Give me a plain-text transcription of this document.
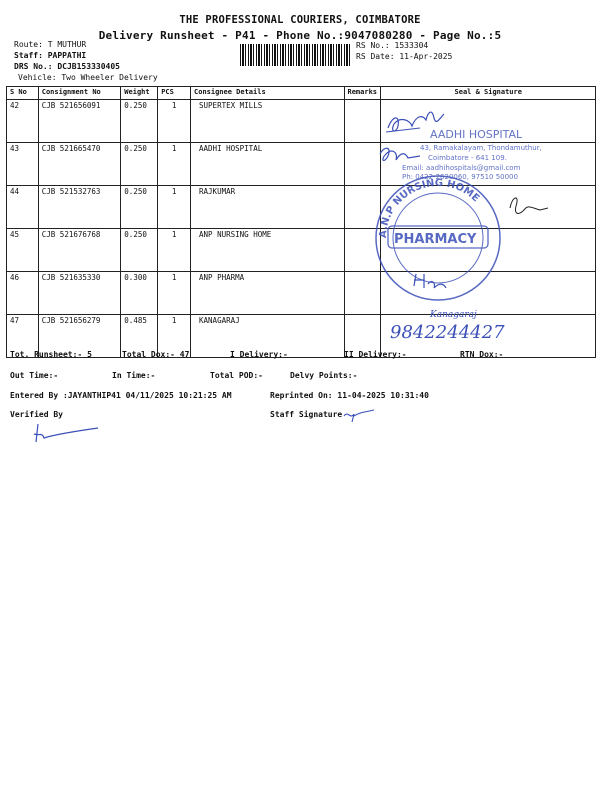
THE PROFESSIONAL COURIERS, COIMBATORE
Delivery Runsheet - P41 - Phone No.:9047080280 - Page No.:5
Route: T MUTHUR
Staff: PAPPATHI
DRS No.: DCJB153330405
Vehicle: Two Wheeler Delivery
RS No.: 1533304
RS Date: 11-Apr-2025
S No	Consignment No	Weight	PCS	Consignee Details	Remarks	Seal & Signature
42	CJB 521656091	0.250	1	SUPERTEX MILLS		
43	CJB 521665470	0.250	1	AADHI HOSPITAL		
44	CJB 521532763	0.250	1	RAJKUMAR		
45	CJB 521676768	0.250	1	ANP NURSING HOME		
46	CJB 521635330	0.300	1	ANP PHARMA		
47	CJB 521656279	0.485	1	KANAGARAJ		
AADHI HOSPITAL
43, Ramakalayam, Thondamuthur,
Coimbatore - 641 109.
Email: aadhihospitals@gmail.com
Ph: 0422-2620060, 97510 50000
A.N.P NURSING HOME
PHARMACY
Kanagaraj
9842244427
Tot. Runsheet:- 5	Total Dox:- 47	I Delivery:-	II Delivery:-	RTN Dox:-
Out Time:-	In Time:-	Total POD:-	Delvy Points:-
Entered By :JAYANTHIP41 04/11/2025 10:21:25 AM	Reprinted On: 11-04-2025 10:31:40
Verified By	Staff Signature
